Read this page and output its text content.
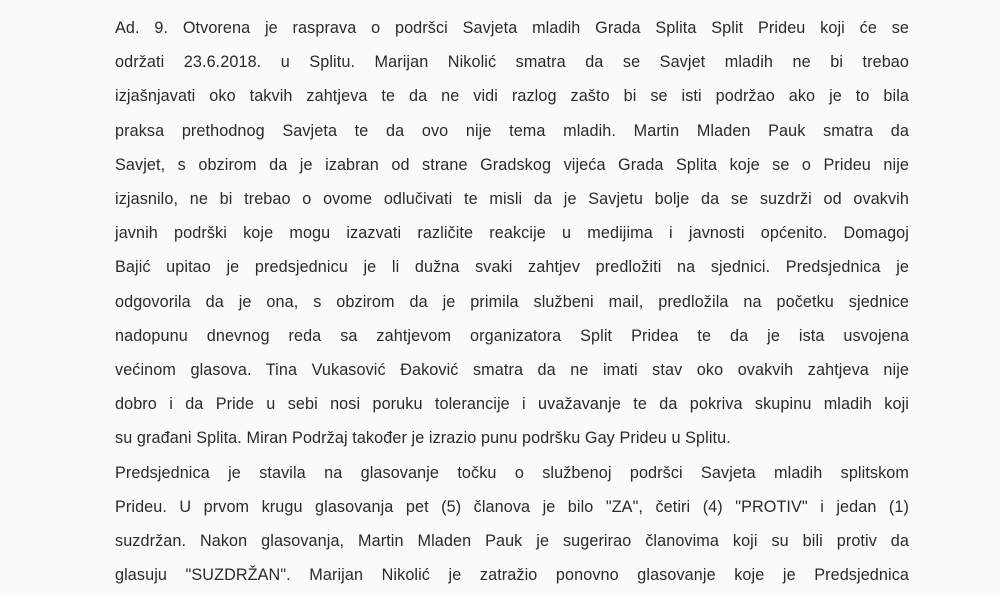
Ad. 9. Otvorena je rasprava o podršci Savjeta mladih Grada Splita Split Prideu koji će se
održati 23.6.2018. u Splitu. Marijan Nikolić smatra da se Savjet mladih ne bi trebao
izjašnjavati oko takvih zahtjeva te da ne vidi razlog zašto bi se isti podržao ako je to bila
praksa prethodnog Savjeta te da ovo nije tema mladih. Martin Mladen Pauk smatra da
Savjet, s obzirom da je izabran od strane Gradskog vijeća Grada Splita koje se o Prideu nije
izjasnilo, ne bi trebao o ovome odlučivati te misli da je Savjetu bolje da se suzdrži od ovakvih
javnih podrški koje mogu izazvati različite reakcije u medijima i javnosti općenito. Domagoj
Bajić upitao je predsjednicu je li dužna svaki zahtjev predložiti na sjednici. Predsjednica je
odgovorila da je ona, s obzirom da je primila službeni mail, predložila na početku sjednice
nadopunu dnevnog reda sa zahtjevom organizatora Split Pridea te da je ista usvojena
većinom glasova. Tina Vukasović Đaković smatra da ne imati stav oko ovakvih zahtjeva nije
dobro i da Pride u sebi nosi poruku tolerancije i uvažavanje te da pokriva skupinu mladih koji
su građani Splita. Miran Podržaj također je izrazio punu podršku Gay Prideu u Splitu.
Predsjednica je stavila na glasovanje točku o službenoj podršci Savjeta mladih splitskom
Prideu. U prvom krugu glasovanja pet (5) članova je bilo "ZA", četiri (4) "PROTIV" i jedan (1)
suzdržan. Nakon glasovanja, Martin Mladen Pauk je sugerirao članovima koji su bili protiv da
glasuju "SUZDRŽAN". Marijan Nikolić je zatražio ponovno glasovanje koje je Predsjednica
